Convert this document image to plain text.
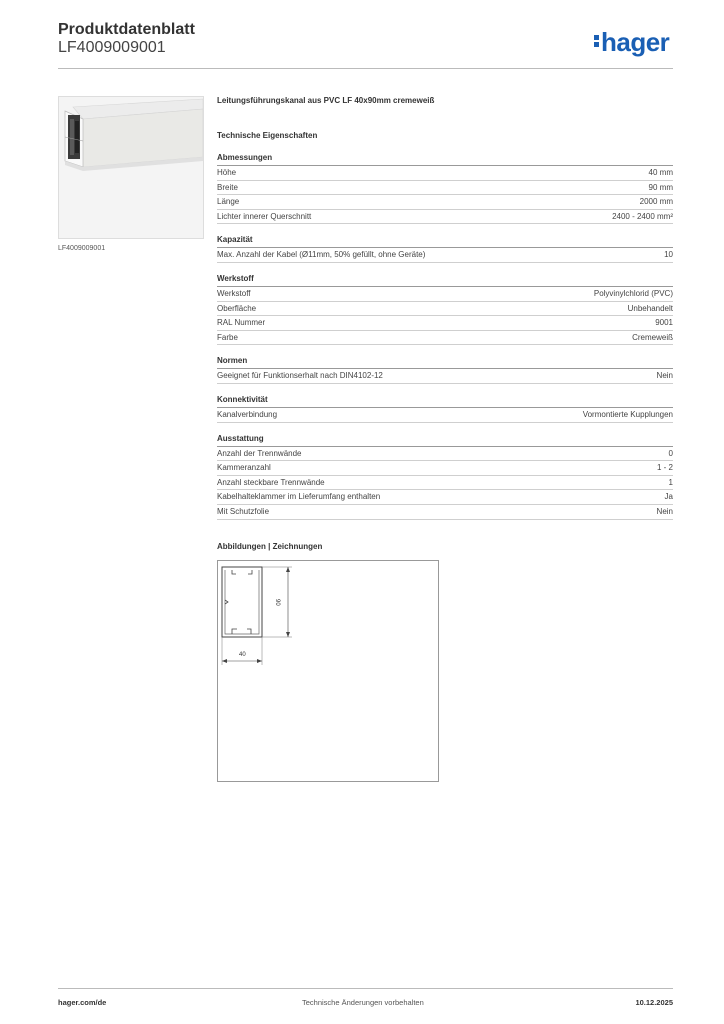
Produktdatenblatt
LF4009009001	hager
LF4009009001
Leitungsführungskanal aus PVC LF 40x90mm cremeweiß
Technische Eigenschaften
Abmessungen
Höhe	40 mm
Breite	90 mm
Länge	2000 mm
Lichter innerer Querschnitt	2400 - 2400 mm²
Kapazität
Max. Anzahl der Kabel (Ø11mm, 50% gefüllt, ohne Geräte)	10
Werkstoff
Werkstoff	Polyvinylchlorid (PVC)
Oberfläche	Unbehandelt
RAL Nummer	9001
Farbe	Cremeweiß
Normen
Geeignet für Funktionserhalt nach DIN4102-12	Nein
Konnektivität
Kanalverbindung	Vormontierte Kupplungen
Ausstattung
Anzahl der Trennwände	0
Kammeranzahl	1 - 2
Anzahl steckbare Trennwände	1
Kabelhalteklammer im Lieferumfang enthalten	Ja
Mit Schutzfolie	Nein
Abbildungen | Zeichnungen
40
90
hager.com/de	Technische Änderungen vorbehalten	10.12.2025
